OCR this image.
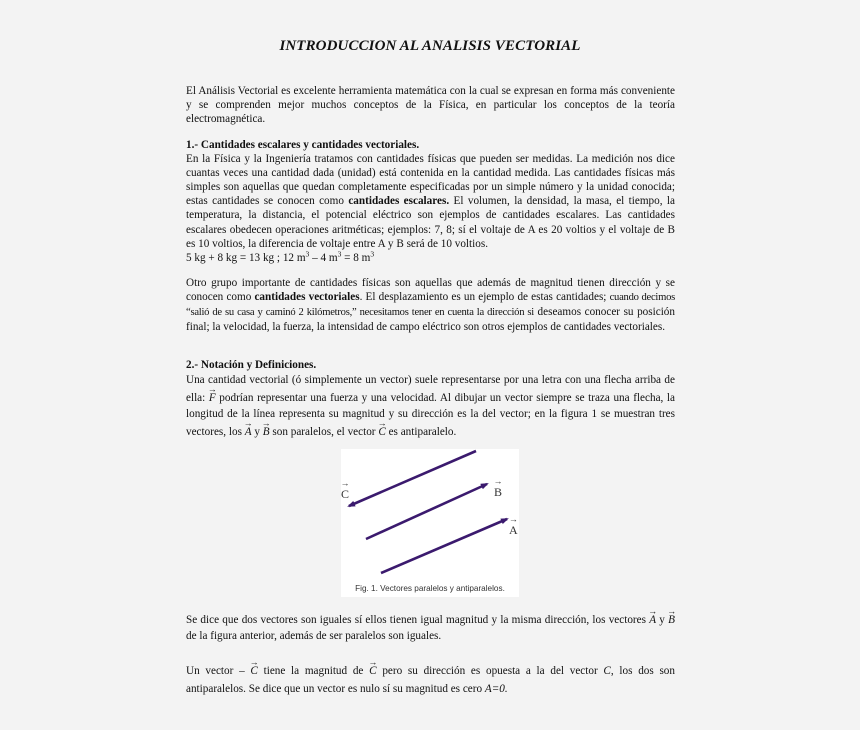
INTRODUCCION AL ANALISIS VECTORIAL
El Análisis Vectorial es excelente herramienta matemática con la cual se expresan en forma más conveniente y se comprenden mejor muchos conceptos de la Física, en particular los conceptos de la teoría electromagnética.
1.- Cantidades escalares y cantidades vectoriales.
En la Física y la Ingeniería tratamos con cantidades físicas que pueden ser medidas. La medición nos dice cuantas veces una cantidad dada (unidad) está contenida en la cantidad medida. Las cantidades físicas más simples son aquellas que quedan completamente especificadas por un simple número y la unidad conocida; estas cantidades se conocen como cantidades escalares. El volumen, la densidad, la masa, el tiempo, la temperatura, la distancia, el potencial eléctrico son ejemplos de cantidades escalares. Las cantidades escalares obedecen operaciones aritméticas; ejemplos: 7, 8; sí el voltaje de A es 20 voltios y el voltaje de B es 10 voltios, la diferencia de voltaje entre A y B será de 10 voltios.
5 kg + 8 kg = 13 kg ; 12 $m^3 - 4$ $m^3 = 8$ $m^3$
Otro grupo importante de cantidades físicas son aquellas que además de magnitud tienen dirección y se conocen como cantidades vectoriales. El desplazamiento es un ejemplo de estas cantidades; cuando decimos “salió de su casa y caminó 2 kilómetros,” necesitamos tener en cuenta la dirección si deseamos conocer su posición final; la velocidad, la fuerza, la intensidad de campo eléctrico son otros ejemplos de cantidades vectoriales.
2.- Notación y Definiciones.
Una cantidad vectorial (ó simplemente un vector) suele representarse por una letra con una flecha arriba de ella: → F podrían representar una fuerza y una velocidad. Al dibujar un vector siempre se traza una flecha, la longitud de la línea representa su magnitud y su dirección es la del vector; en la figura 1 se muestran tres vectores, los → A y → B son paralelos, el vector → C es antiparalelo.
→ C
→	B
→ A
Fig. 1. Vectores paralelos y antiparalelos.
Se dice que dos vectores son iguales sí ellos tienen igual magnitud y la misma dirección, los vectores → A y → B de la figura anterior, además de ser paralelos son iguales.
Un vector – → C tiene la magnitud de → C pero su dirección es opuesta a la del vector C, los dos son antiparalelos. Se dice que un vector es nulo sí su magnitud es cero A=0.
